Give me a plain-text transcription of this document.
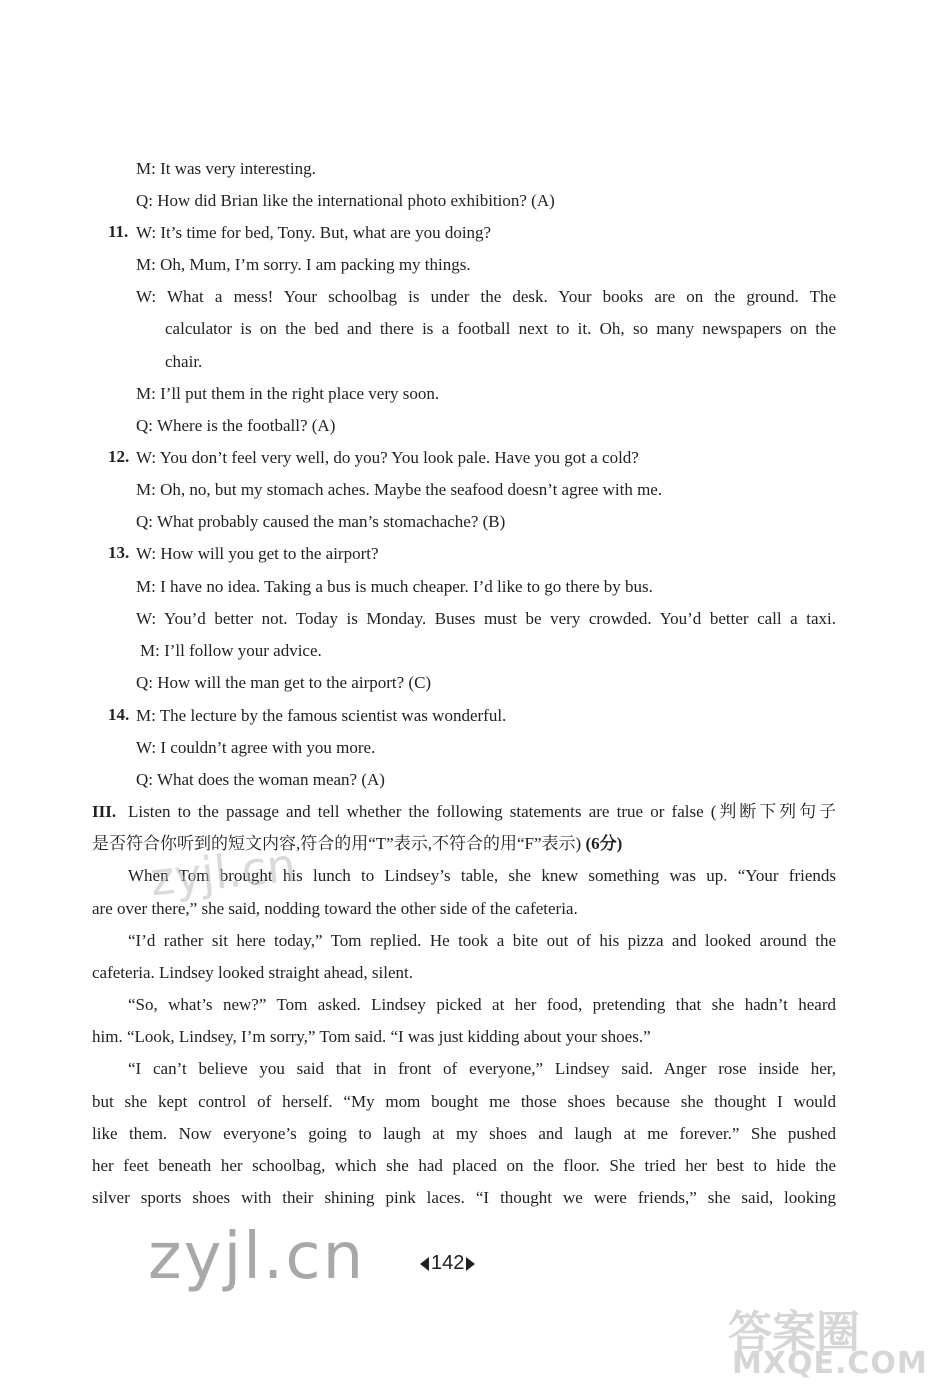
M: It was very interesting.
Q: How did Brian like the international photo exhibition? (A)
11. W: It’s time for bed, Tony. But, what are you doing?
M: Oh, Mum, I’m sorry. I am packing my things.
W: What a mess! Your schoolbag is under the desk. Your books are on the ground. The
calculator is on the bed and there is a football next to it. Oh, so many newspapers on the
chair.
M: I’ll put them in the right place very soon.
Q: Where is the football? (A)
12. W: You don’t feel very well, do you? You look pale. Have you got a cold?
M: Oh, no, but my stomach aches. Maybe the seafood doesn’t agree with me.
Q: What probably caused the man’s stomachache? (B)
13. W: How will you get to the airport?
M: I have no idea. Taking a bus is much cheaper. I’d like to go there by bus.
W: You’d better not. Today is Monday. Buses must be very crowded. You’d better call a taxi.
M: I’ll follow your advice.
Q: How will the man get to the airport? (C)
14. M: The lecture by the famous scientist was wonderful.
W: I couldn’t agree with you more.
Q: What does the woman mean? (A)
III. Listen to the passage and tell whether the following statements are true or false (判断下列句子
是否符合你听到的短文内容,符合的用“T”表示,不符合的用“F”表示) (6分)
When Tom brought his lunch to Lindsey’s table, she knew something was up. “Your friends
are over there,” she said, nodding toward the other side of the cafeteria.
“I’d rather sit here today,” Tom replied. He took a bite out of his pizza and looked around the
cafeteria. Lindsey looked straight ahead, silent.
“So, what’s new?” Tom asked. Lindsey picked at her food, pretending that she hadn’t heard
him. “Look, Lindsey, I’m sorry,” Tom said. “I was just kidding about your shoes.”
“I can’t believe you said that in front of everyone,” Lindsey said. Anger rose inside her,
but she kept control of herself. “My mom bought me those shoes because she thought I would
like them. Now everyone’s going to laugh at my shoes and laugh at me forever.” She pushed
her feet beneath her schoolbag, which she had placed on the floor. She tried her best to hide the
silver sports shoes with their shining pink laces. “I thought we were friends,” she said, looking
zyjl.cn
zyjl.cn	142
答案圈
MXQE.COM
